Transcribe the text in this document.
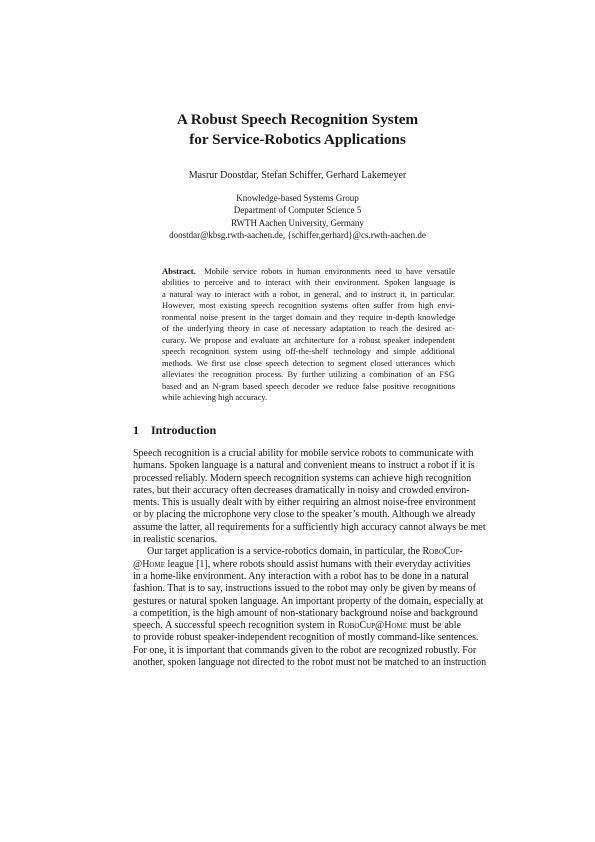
A Robust Speech Recognition System
for Service-Robotics Applications
Masrur Doostdar, Stefan Schiffer, Gerhard Lakemeyer
Knowledge-based Systems Group
Department of Computer Science 5
RWTH Aachen University, Germany
doostdar@kbsg.rwth-aachen.de, {schiffer,gerhard}@cs.rwth-aachen.de
Abstract. Mobile service robots in human environments need to have versatile
abilities to perceive and to interact with their environment. Spoken language is
a natural way to interact with a robot, in general, and to instruct it, in particular.
However, most existing speech recognition systems often suffer from high envi-
ronmental noise present in the target domain and they require in-depth knowledge
of the underlying theory in case of necessary adaptation to reach the desired ac-
curacy. We propose and evaluate an architecture for a robust speaker independent
speech recognition system using off-the-shelf technology and simple additional
methods. We first use close speech detection to segment closed utterances which
alleviates the recognition process. By further utilizing a combination of an FSG
based and an N-gram based speech decoder we reduce false positive recognitions
while achieving high accuracy.
1 Introduction
Speech recognition is a crucial ability for mobile service robots to communicate with
humans. Spoken language is a natural and convenient means to instruct a robot if it is
processed reliably. Modern speech recognition systems can achieve high recognition
rates, but their accuracy often decreases dramatically in noisy and crowded environ-
ments. This is usually dealt with by either requiring an almost noise-free environment
or by placing the microphone very close to the speaker’s mouth. Although we already
assume the latter, all requirements for a sufficiently high accuracy cannot always be met
in realistic scenarios.
Our target application is a service-robotics domain, in particular, the RoboCup-
@Home league [1], where robots should assist humans with their everyday activities
in a home-like environment. Any interaction with a robot has to be done in a natural
fashion. That is to say, instructions issued to the robot may only be given by means of
gestures or natural spoken language. An important property of the domain, especially at
a competition, is the high amount of non-stationary background noise and background
speech. A successful speech recognition system in RoboCup@Home must be able
to provide robust speaker-independent recognition of mostly command-like sentences.
For one, it is important that commands given to the robot are recognized robustly. For
another, spoken language not directed to the robot must not be matched to an instruction
